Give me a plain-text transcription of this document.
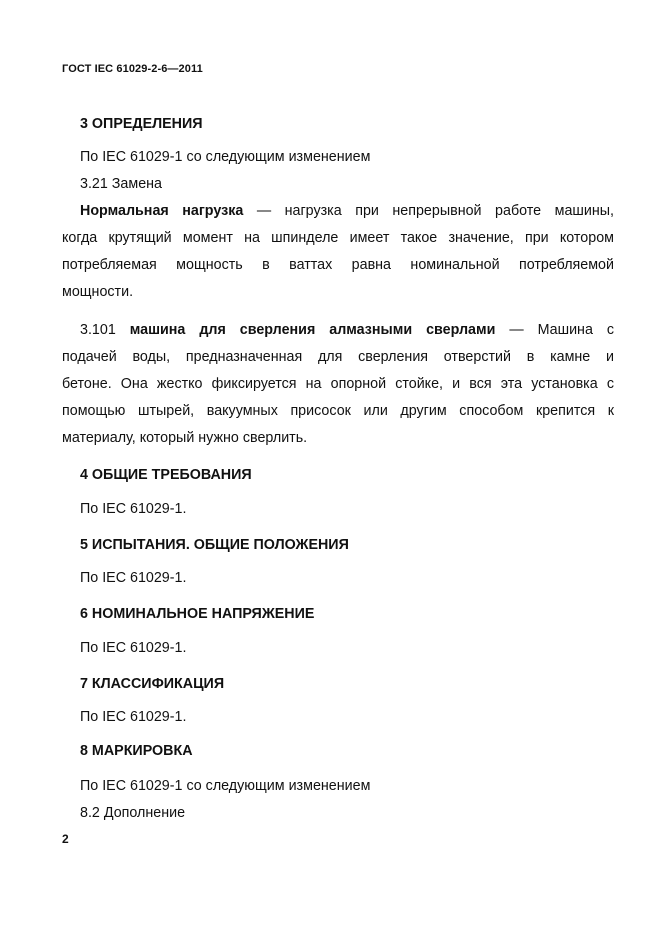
ГОСТ IEC 61029-2-6—2011
3 ОПРЕДЕЛЕНИЯ
По IEC 61029-1 со следующим изменением
3.21 Замена
Нормальная нагрузка — нагрузка при непрерывной работе машины,
когда крутящий момент на шпинделе имеет такое значение, при котором
потребляемая мощность в ваттах равна номинальной потребляемой
мощности.
3.101 машина для сверления алмазными сверлами — Машина с
подачей воды, предназначенная для сверления отверстий в камне и
бетоне. Она жестко фиксируется на опорной стойке, и вся эта установка с
помощью штырей, вакуумных присосок или другим способом крепится к
материалу, который нужно сверлить.
4 ОБЩИЕ ТРЕБОВАНИЯ
По IEC 61029-1.
5 ИСПЫТАНИЯ. ОБЩИЕ ПОЛОЖЕНИЯ
По IEC 61029-1.
6 НОМИНАЛЬНОЕ НАПРЯЖЕНИЕ
По IEC 61029-1.
7 КЛАССИФИКАЦИЯ
По IEC 61029-1.
8 МАРКИРОВКА
По IEC 61029-1 со следующим изменением
8.2 Дополнение
2
